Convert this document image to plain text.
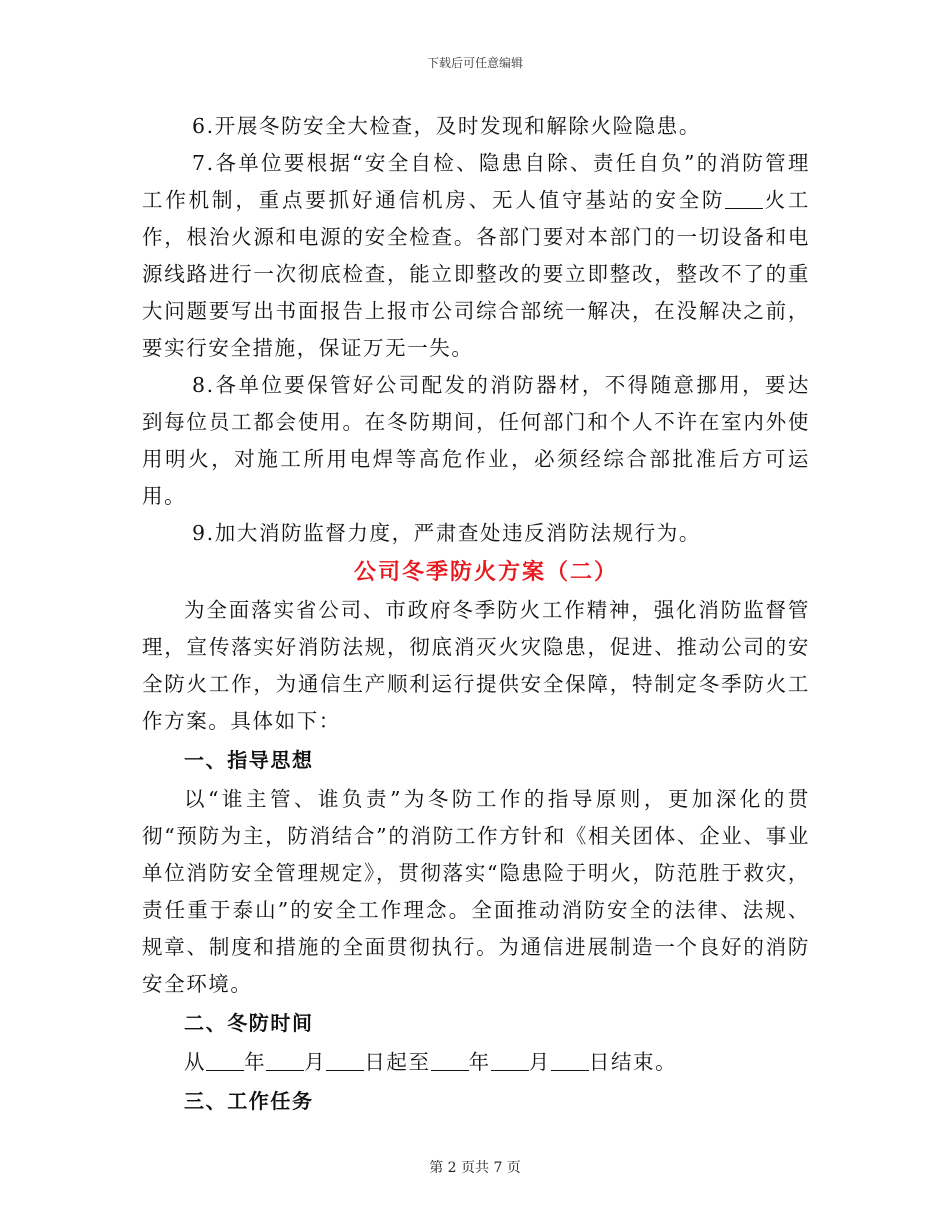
下载后可任意编辑

6.开展冬防安全大检查，及时发现和解除火险隐患。

7.各单位要根据“安全自检、隐患自除、责任自负”的消防管理工作机制，重点要抓好通信机房、无人值守基站的安全防 火工作，根治火源和电源的安全检查。各部门要对本部门的一切设备和电源线路进行一次彻底检查，能立即整改的要立即整改，整改不了的重大问题要写出书面报告上报市公司综合部统一解决，在没解决之前，要实行安全措施，保证万无一失。

8.各单位要保管好公司配发的消防器材，不得随意挪用，要达到每位员工都会使用。在冬防期间，任何部门和个人不许在室内外使用明火，对施工所用电焊等高危作业，必须经综合部批准后方可运用。

9.加大消防监督力度，严肃查处违反消防法规行为。

公司冬季防火方案（二）

为全面落实省公司、市政府冬季防火工作精神，强化消防监督管理，宣传落实好消防法规，彻底消灭火灾隐患，促进、推动公司的安全防火工作，为通信生产顺利运行提供安全保障，特制定冬季防火工作方案。具体如下：

一、指导思想

以“谁主管、谁负责”为冬防工作的指导原则，更加深化的贯彻“预防为主，防消结合”的消防工作方针和《相关团体、企业、事业单位消防安全管理规定》，贯彻落实“隐患险于明火，防范胜于救灾，责任重于泰山”的安全工作理念。全面推动消防安全的法律、法规、规章、制度和措施的全面贯彻执行。为通信进展制造一个良好的消防安全环境。

二、冬防时间

从 年 月 日起至 年 月 日结束。

三、工作任务

第 2 页共 7 页
